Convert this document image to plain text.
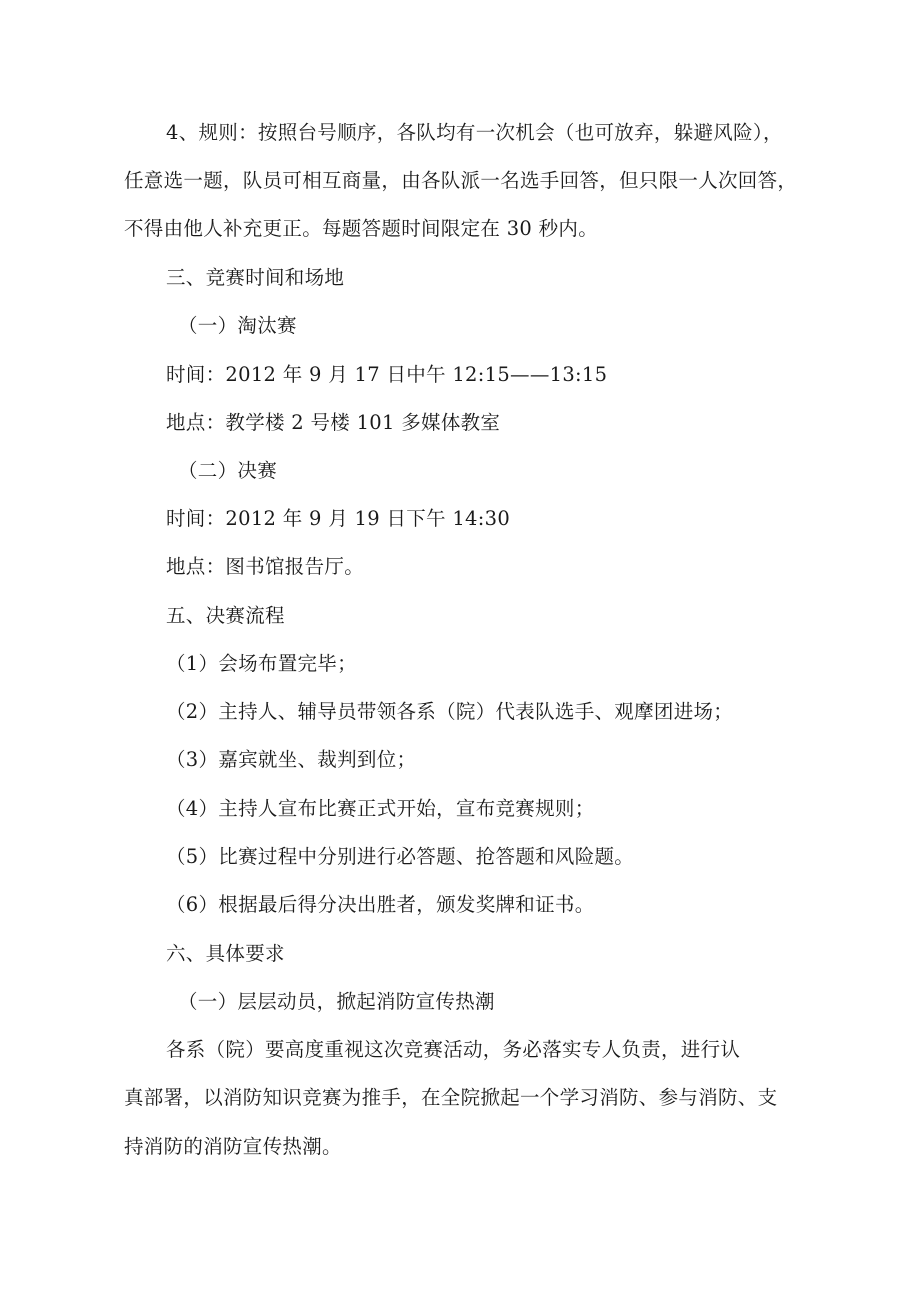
4、规则：按照台号顺序，各队均有一次机会（也可放弃，躲避风险），
任意选一题，队员可相互商量，由各队派一名选手回答，但只限一人次回答，
不得由他人补充更正。每题答题时间限定在 30 秒内。
三、竞赛时间和场地
（一）淘汰赛
时间：2012 年 9 月 17 日中午 12:15——13:15
地点：教学楼 2 号楼 101 多媒体教室
（二）决赛
时间：2012 年 9 月 19 日下午 14:30
地点：图书馆报告厅。
五、决赛流程
（1）会场布置完毕；
（2）主持人、辅导员带领各系（院）代表队选手、观摩团进场；
（3）嘉宾就坐、裁判到位；
（4）主持人宣布比赛正式开始，宣布竞赛规则；
（5）比赛过程中分别进行必答题、抢答题和风险题。
（6）根据最后得分决出胜者，颁发奖牌和证书。
六、具体要求
（一）层层动员，掀起消防宣传热潮
各系（院）要高度重视这次竞赛活动，务必落实专人负责，进行认
真部署，以消防知识竞赛为推手，在全院掀起一个学习消防、参与消防、支
持消防的消防宣传热潮。
